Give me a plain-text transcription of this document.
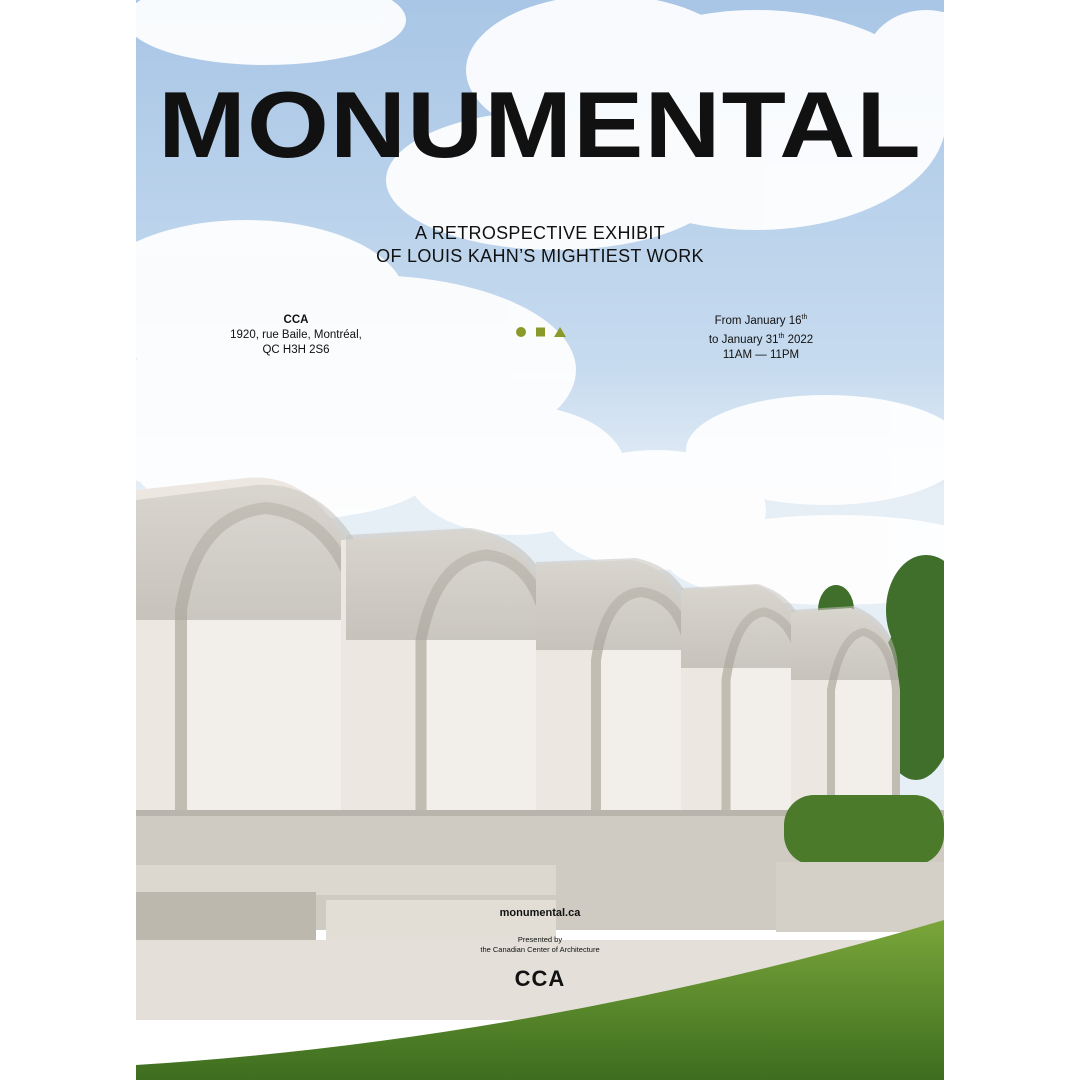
MONUMENTAL
A RETROSPECTIVE EXHIBIT
OF LOUIS KAHN’S MIGHTIEST WORK
CCA
1920, rue Baile, Montréal,
QC H3H 2S6
From January 16th
to January 31th 2022
11AM — 11PM
monumental.ca
Presented by
the Canadian Center of Architecture
CCA
